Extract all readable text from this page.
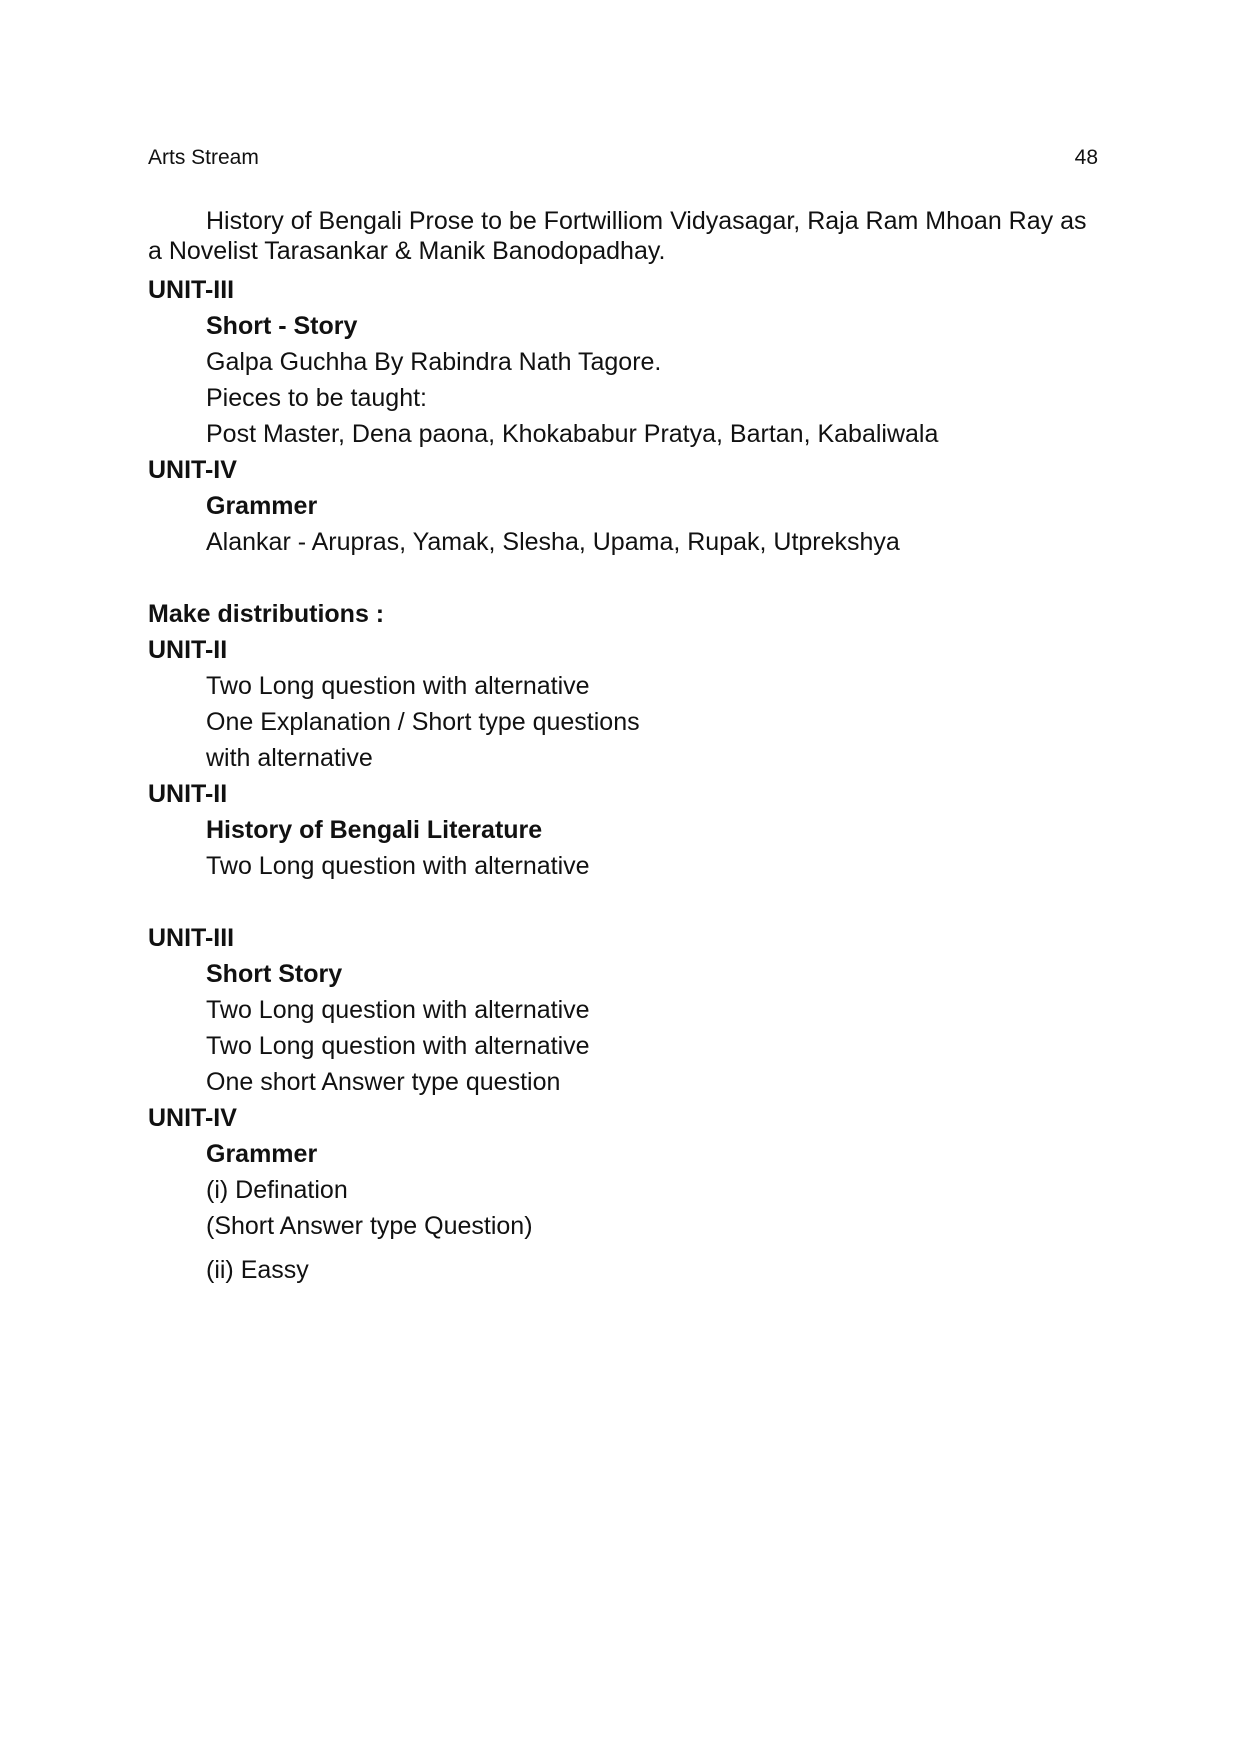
Arts Stream	48

History of Bengali Prose to be Fortwilliom Vidyasagar, Raja Ram Mhoan Ray as a Novelist Tarasankar & Manik Banodopadhay.

UNIT-III

Short - Story

Galpa Guchha By Rabindra Nath Tagore.

Pieces to be taught:

Post Master, Dena paona, Khokababur Pratya, Bartan, Kabaliwala

UNIT-IV

Grammer

Alankar - Arupras, Yamak, Slesha, Upama, Rupak, Utprekshya

Make distributions :

UNIT-II

Two Long question with alternative

One Explanation / Short type questions

with alternative

UNIT-II

History of Bengali Literature

Two Long question with alternative

UNIT-III

Short Story

Two Long question with alternative

Two Long question with alternative

One short Answer type question

UNIT-IV

Grammer

(i) Defination

(Short Answer type Question)

(ii) Eassy
